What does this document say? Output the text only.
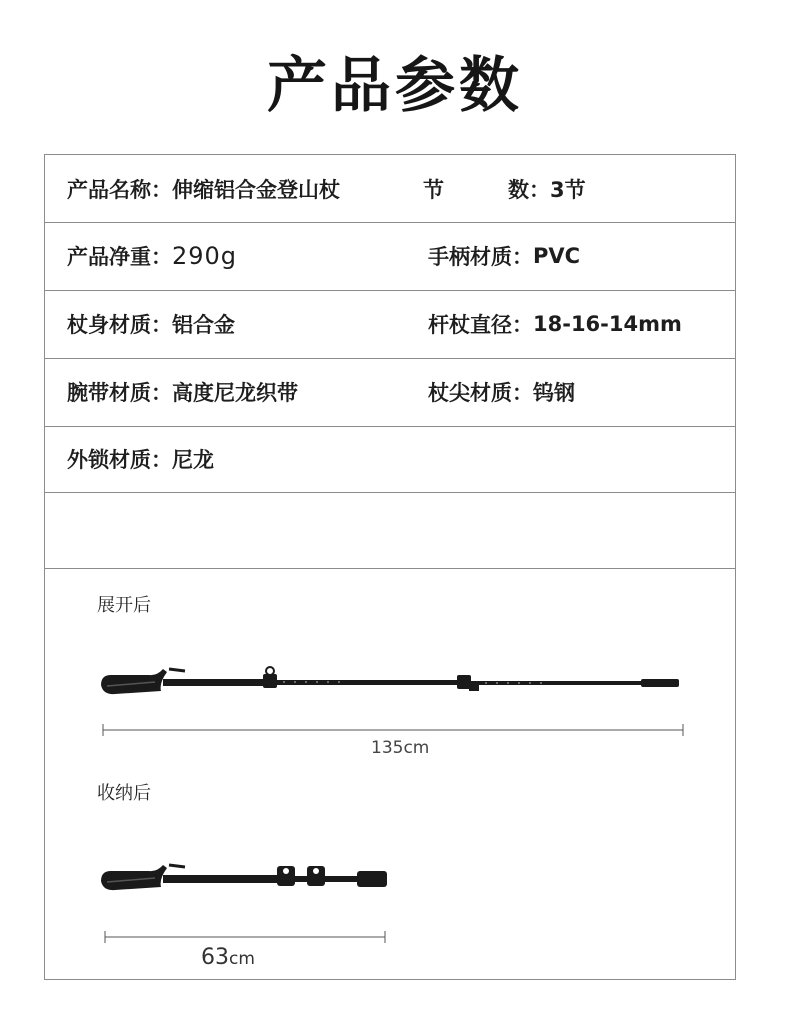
产品参数
产品名称： 伸缩铝合金登山杖	节	数： 3节
产品净重： 290g	手柄材质： PVC
杖身材质： 铝合金	杆杖直径： 18-16-14mm
腕带材质： 高度尼龙织带	杖尖材质： 钨钢
外锁材质： 尼龙
展开后
135cm
收纳后
63cm
